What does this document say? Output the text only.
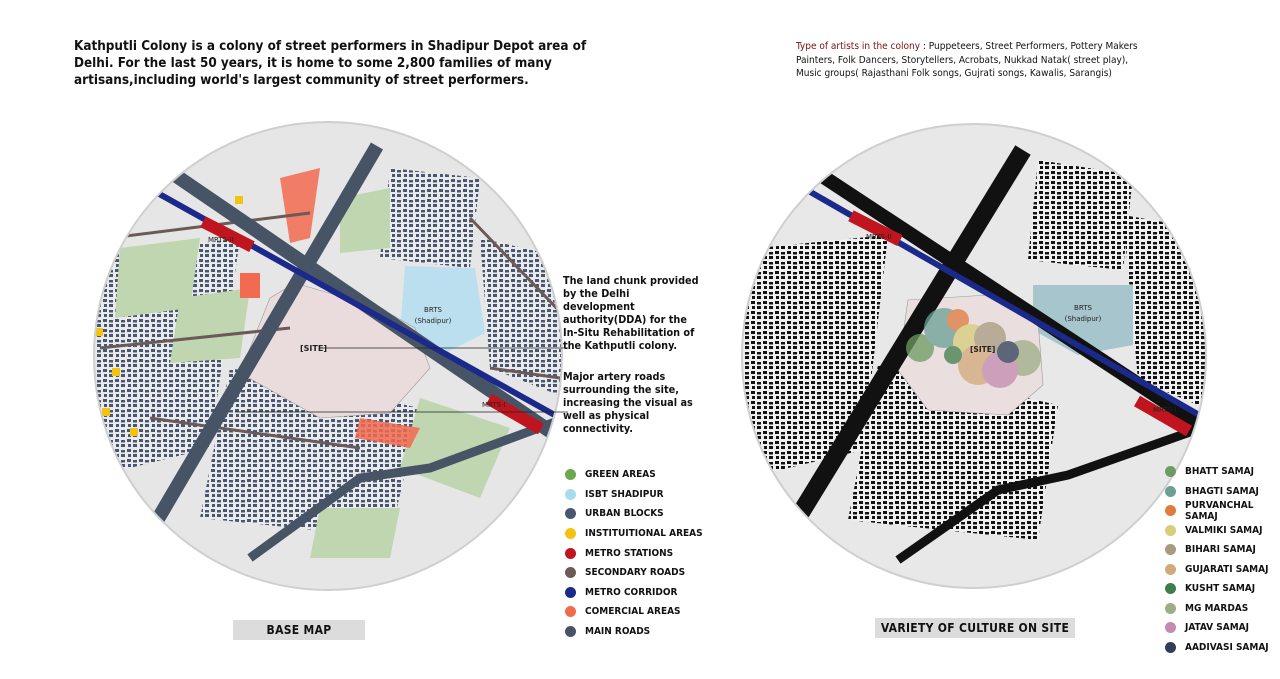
Kathputli Colony is a colony of street performers in Shadipur Depot area of Delhi. For the last 50 years, it is home to some 2,800 families of many artisans,including world's largest community of street performers.
Type of artists in the colony : Puppeteers, Street Performers, Pottery Makers Painters, Folk Dancers, Storytellers, Acrobats, Nukkad Natak( street play), Music groups( Rajasthani Folk songs, Gujrati songs, Kawalis, Sarangis)
[SITE]
BRTS
(Shadipur)
MRTS-II
MRTS-I
The land chunk provided by the Delhi development authority(DDA) for the In-Situ Rehabilitation of the Kathputli colony.
Major artery roads surrounding the site, increasing the visual as well as physical connectivity.
GREEN AREAS
ISBT SHADIPUR
URBAN BLOCKS
INSTITUITIONAL AREAS
METRO STATIONS
SECONDARY ROADS
METRO CORRIDOR
COMERCIAL AREAS
MAIN ROADS
[SITE]
BRTS
(Shadipur)
MRTS-II
MRTS-I
BHATT SAMAJ
BHAGTI SAMAJ
PURVANCHAL SAMAJ
VALMIKI SAMAJ
BIHARI SAMAJ
GUJARATI SAMAJ
KUSHT SAMAJ
MG MARDAS
JATAV SAMAJ
AADIVASI SAMAJ
BASE MAP	VARIETY OF CULTURE ON SITE
